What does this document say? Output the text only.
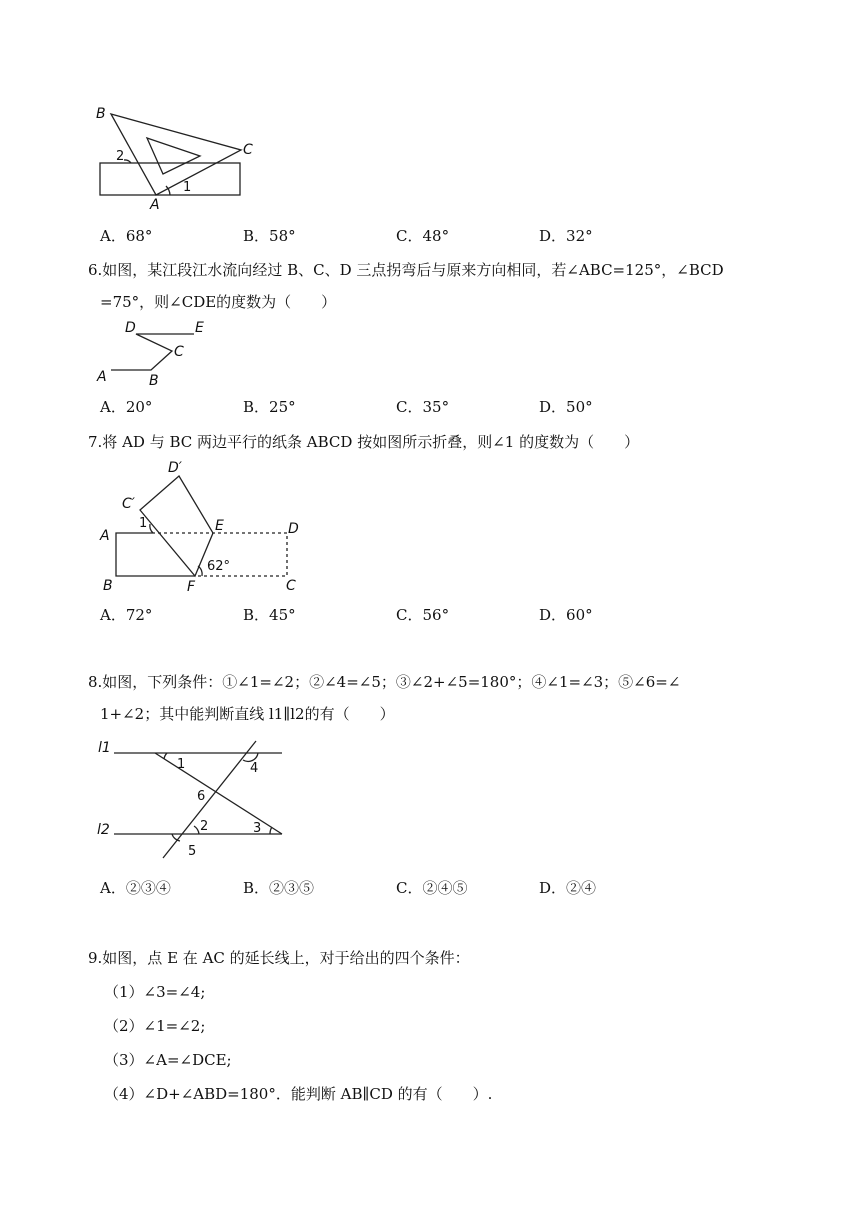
B
C
A
1
2
A．68°	B．58°	C．48°	D．32°
6.如图，某江段江水流向经过 B、C、D 三点拐弯后与原来方向相同，若∠ABC=125°，∠BCD
=75°，则∠CDE的度数为（　　）
D	E
C
A	B
A．20°	B．25°	C．35°	D．50°
7.将 AD 与 BC 两边平行的纸条 ABCD 按如图所示折叠，则∠1 的度数为（　　）
D′
C′
1	E	D
A
62°
B	F	C
A．72°	B．45°	C．56°	D．60°
8.如图，下列条件：①∠1=∠2；②∠4=∠5；③∠2+∠5=180°；④∠1=∠3；⑤∠6=∠
1+∠2；其中能判断直线 l1∥l2的有（　　）
l1
l2
1	4
6
2	3
5
A．②③④	B．②③⑤	C．②④⑤	D．②④
9.如图，点 E 在 AC 的延长线上，对于给出的四个条件：
（1）∠3=∠4;
（2）∠1=∠2;
（3）∠A=∠DCE;
（4）∠D+∠ABD=180°．能判断 AB∥CD 的有（　　）.
